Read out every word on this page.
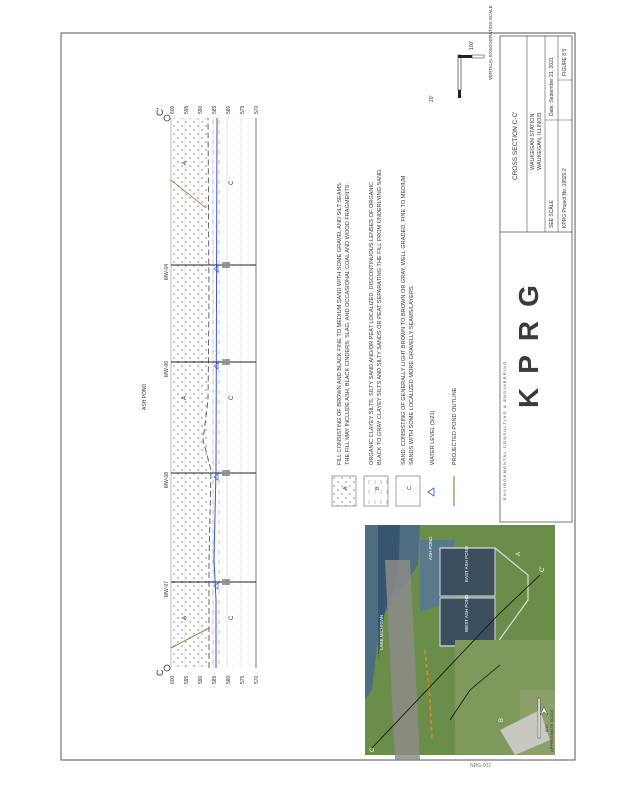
C
C'
600 595 590 585 580 575 570
600 595 590 585 580 575 570
MW-07
MW-08
MW-06
MW-04
ASH POND
A	C
A	C
A
C
A
FILL CONSISTING OF BROWN AND BLACK FINE TO MEDIUM SAND WITH SOME GRAVEL AND SILT SEAMS. THE FILL MAY INCLUDE ASH, BLACK CINDERS, SLAG, AND OCCASIONAL COAL AND WOOD FRAGMENTS.
B
ORGANIC CLAYEY SILTS, SILTY SAND AND/OR PEAT LOCALIZED, DISCONTINUOUS LENSES OF ORGANIC BLACK TO GRAY CLAYEY SILTS AND SILTY SANDS OR PEAT SEPARATING THE FILL FROM UNDERLYING SAND.
C
SAND: CONSISTING OF GENERALLY LIGHT BROWN TO BROWN OR GRAY, WELL GRADED, FINE TO MEDIUM SANDS WITH SOME LOCALIZED MORE GRAVELLY SEAMS/LAYERS.	WATER LEVEL (3/21)	PROJECTED POND OUTLINE
100'
20'
VERTICAL EXAGGERATION SCALE
ASH POND
WEST ASH POND
EAST ASH POND
LAKE MICHIGAN
C
C'
A
B
800' APPROXIMATE SCALE
KPRG
ENVIRONMENTAL CONSULTING & ENGINEERING
CROSS SECTION C-C' WAUKEGAN STATION WAUKEGAN, ILLINOIS
SEE SCALE
Date: September 21, 2021
KPRG Project No. 19520.2
FIGURE 8 5
NRG-002
